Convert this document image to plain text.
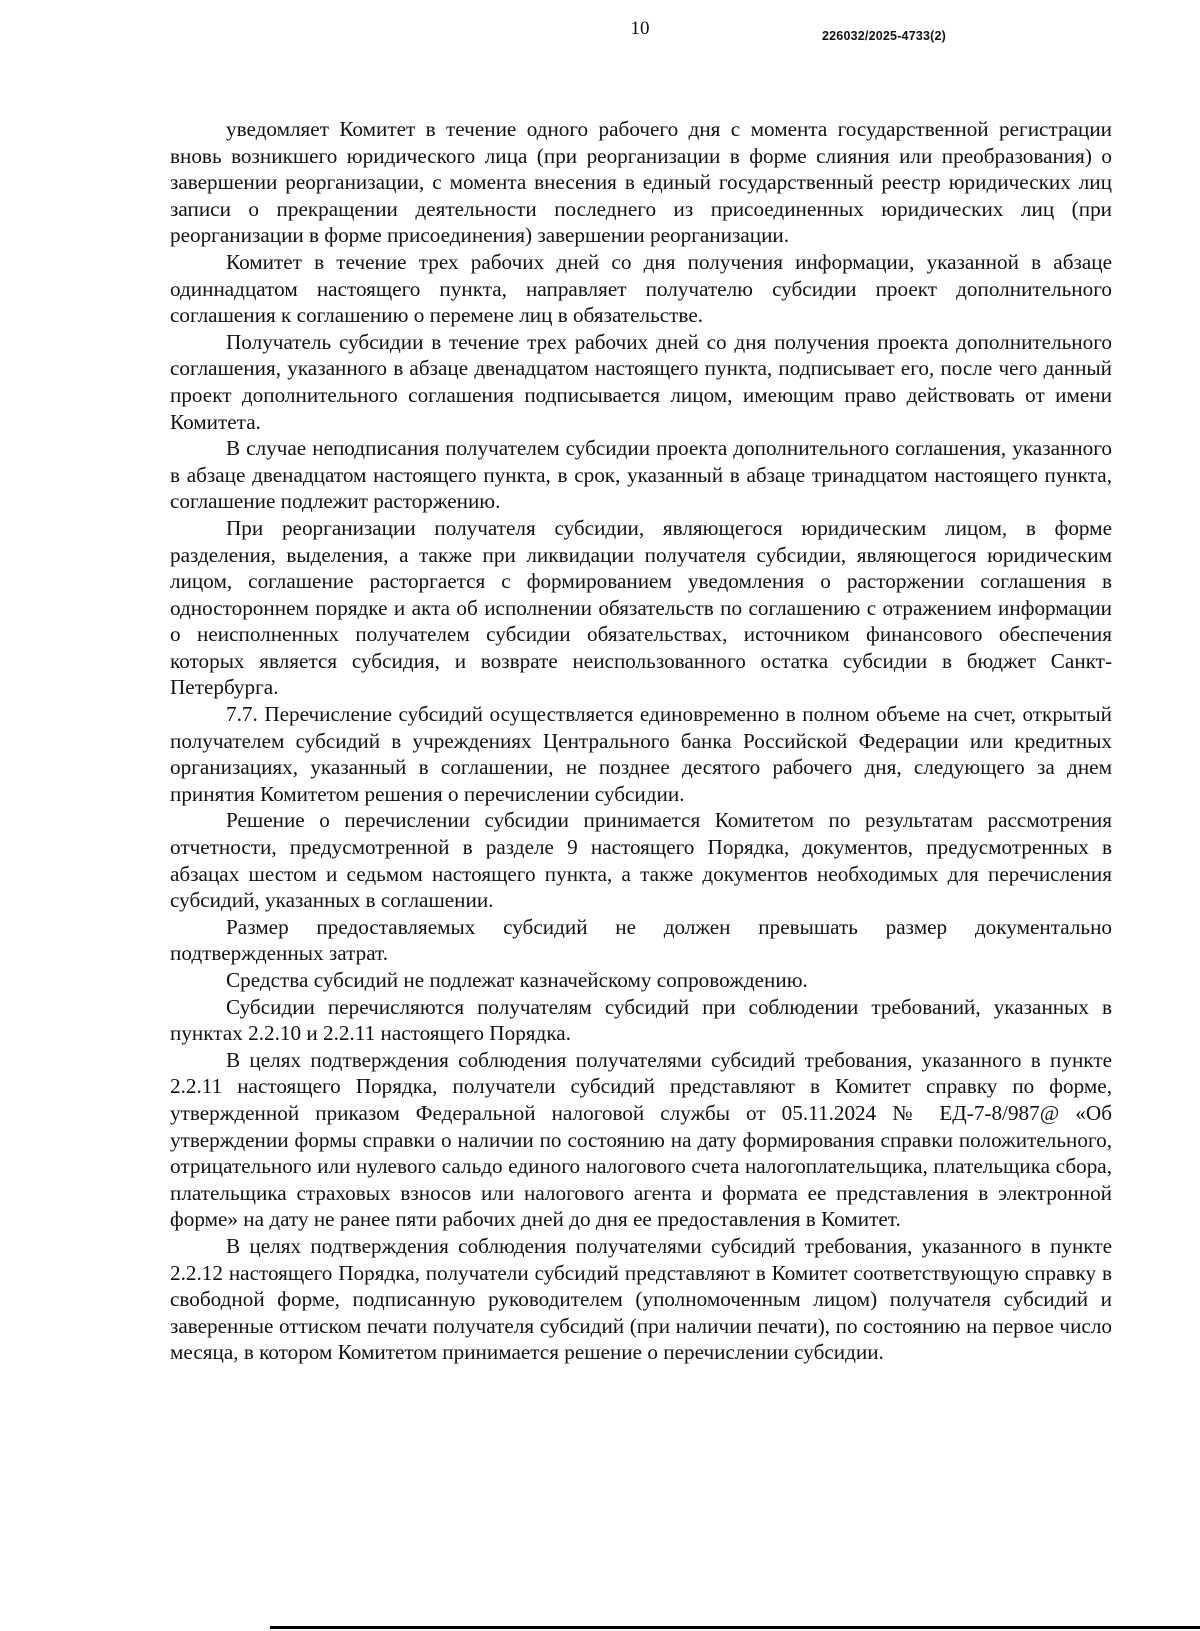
10	226032/2025-4733(2)

уведомляет Комитет в течение одного рабочего дня с момента государственной регистрации вновь возникшего юридического лица (при реорганизации в форме слияния или преобразования) о завершении реорганизации, с момента внесения в единый государственный реестр юридических лиц записи о прекращении деятельности последнего из присоединенных юридических лиц (при реорганизации в форме присоединения) завершении реорганизации.

Комитет в течение трех рабочих дней со дня получения информации, указанной в абзаце одиннадцатом настоящего пункта, направляет получателю субсидии проект дополнительного соглашения к соглашению о перемене лиц в обязательстве.

Получатель субсидии в течение трех рабочих дней со дня получения проекта дополнительного соглашения, указанного в абзаце двенадцатом настоящего пункта, подписывает его, после чего данный проект дополнительного соглашения подписывается лицом, имеющим право действовать от имени Комитета.

В случае неподписания получателем субсидии проекта дополнительного соглашения, указанного в абзаце двенадцатом настоящего пункта, в срок, указанный в абзаце тринадцатом настоящего пункта, соглашение подлежит расторжению.

При реорганизации получателя субсидии, являющегося юридическим лицом, в форме разделения, выделения, а также при ликвидации получателя субсидии, являющегося юридическим лицом, соглашение расторгается с формированием уведомления о расторжении соглашения в одностороннем порядке и акта об исполнении обязательств по соглашению с отражением информации о неисполненных получателем субсидии обязательствах, источником финансового обеспечения которых является субсидия, и возврате неиспользованного остатка субсидии в бюджет Санкт-Петербурга.

7.7. Перечисление субсидий осуществляется единовременно в полном объеме на счет, открытый получателем субсидий в учреждениях Центрального банка Российской Федерации или кредитных организациях, указанный в соглашении, не позднее десятого рабочего дня, следующего за днем принятия Комитетом решения о перечислении субсидии.

Решение о перечислении субсидии принимается Комитетом по результатам рассмотрения отчетности, предусмотренной в разделе 9 настоящего Порядка, документов, предусмотренных в абзацах шестом и седьмом настоящего пункта, а также документов необходимых для перечисления субсидий, указанных в соглашении.

Размер предоставляемых субсидий не должен превышать размер документально подтвержденных затрат.

Средства субсидий не подлежат казначейскому сопровождению.

Субсидии перечисляются получателям субсидий при соблюдении требований, указанных в пунктах 2.2.10 и 2.2.11 настоящего Порядка.

В целях подтверждения соблюдения получателями субсидий требования, указанного в пункте 2.2.11 настоящего Порядка, получатели субсидий представляют в Комитет справку по форме, утвержденной приказом Федеральной налоговой службы от 05.11.2024 № ЕД-7-8/987@ «Об утверждении формы справки о наличии по состоянию на дату формирования справки положительного, отрицательного или нулевого сальдо единого налогового счета налогоплательщика, плательщика сбора, плательщика страховых взносов или налогового агента и формата ее представления в электронной форме» на дату не ранее пяти рабочих дней до дня ее предоставления в Комитет.

В целях подтверждения соблюдения получателями субсидий требования, указанного в пункте 2.2.12 настоящего Порядка, получатели субсидий представляют в Комитет соответствующую справку в свободной форме, подписанную руководителем (уполномоченным лицом) получателя субсидий и заверенные оттиском печати получателя субсидий (при наличии печати), по состоянию на первое число месяца, в котором Комитетом принимается решение о перечислении субсидии.
